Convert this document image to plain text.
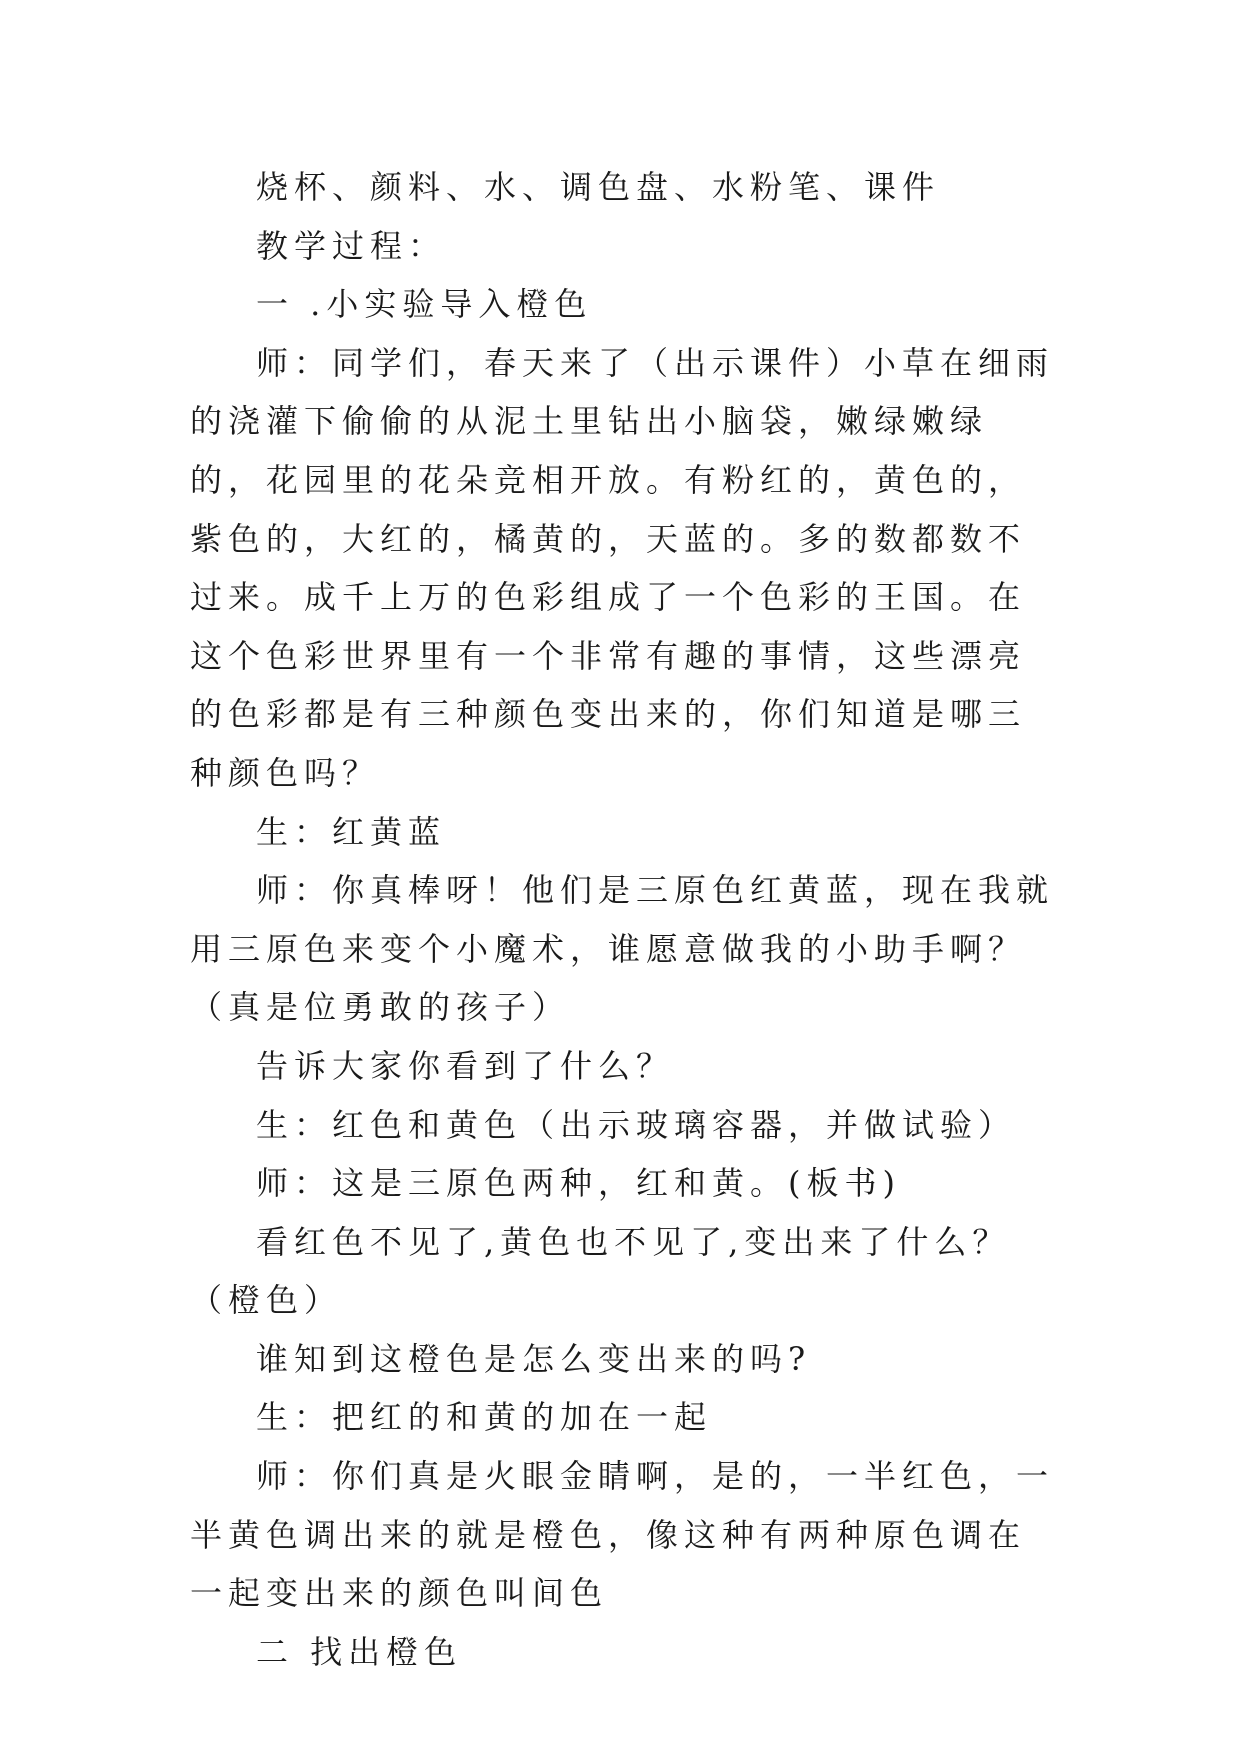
烧杯、颜料、水、调色盘、水粉笔、课件

教学过程：

一 .小实验导入橙色

师：同学们，春天来了（出示课件）小草在细雨的浇灌下偷偷的从泥土里钻出小脑袋，嫩绿嫩绿的，花园里的花朵竞相开放。有粉红的，黄色的，紫色的，大红的，橘黄的，天蓝的。多的数都数不过来。成千上万的色彩组成了一个色彩的王国。在这个色彩世界里有一个非常有趣的事情，这些漂亮的色彩都是有三种颜色变出来的，你们知道是哪三种颜色吗？

生：红黄蓝

师：你真棒呀！他们是三原色红黄蓝，现在我就用三原色来变个小魔术，谁愿意做我的小助手啊？（真是位勇敢的孩子）

告诉大家你看到了什么？

生：红色和黄色（出示玻璃容器，并做试验）

师：这是三原色两种，红和黄。(板书)

看红色不见了,黄色也不见了,变出来了什么？（橙色）

谁知到这橙色是怎么变出来的吗?

生：把红的和黄的加在一起

师：你们真是火眼金睛啊，是的，一半红色，一半黄色调出来的就是橙色，像这种有两种原色调在一起变出来的颜色叫间色

二 找出橙色
